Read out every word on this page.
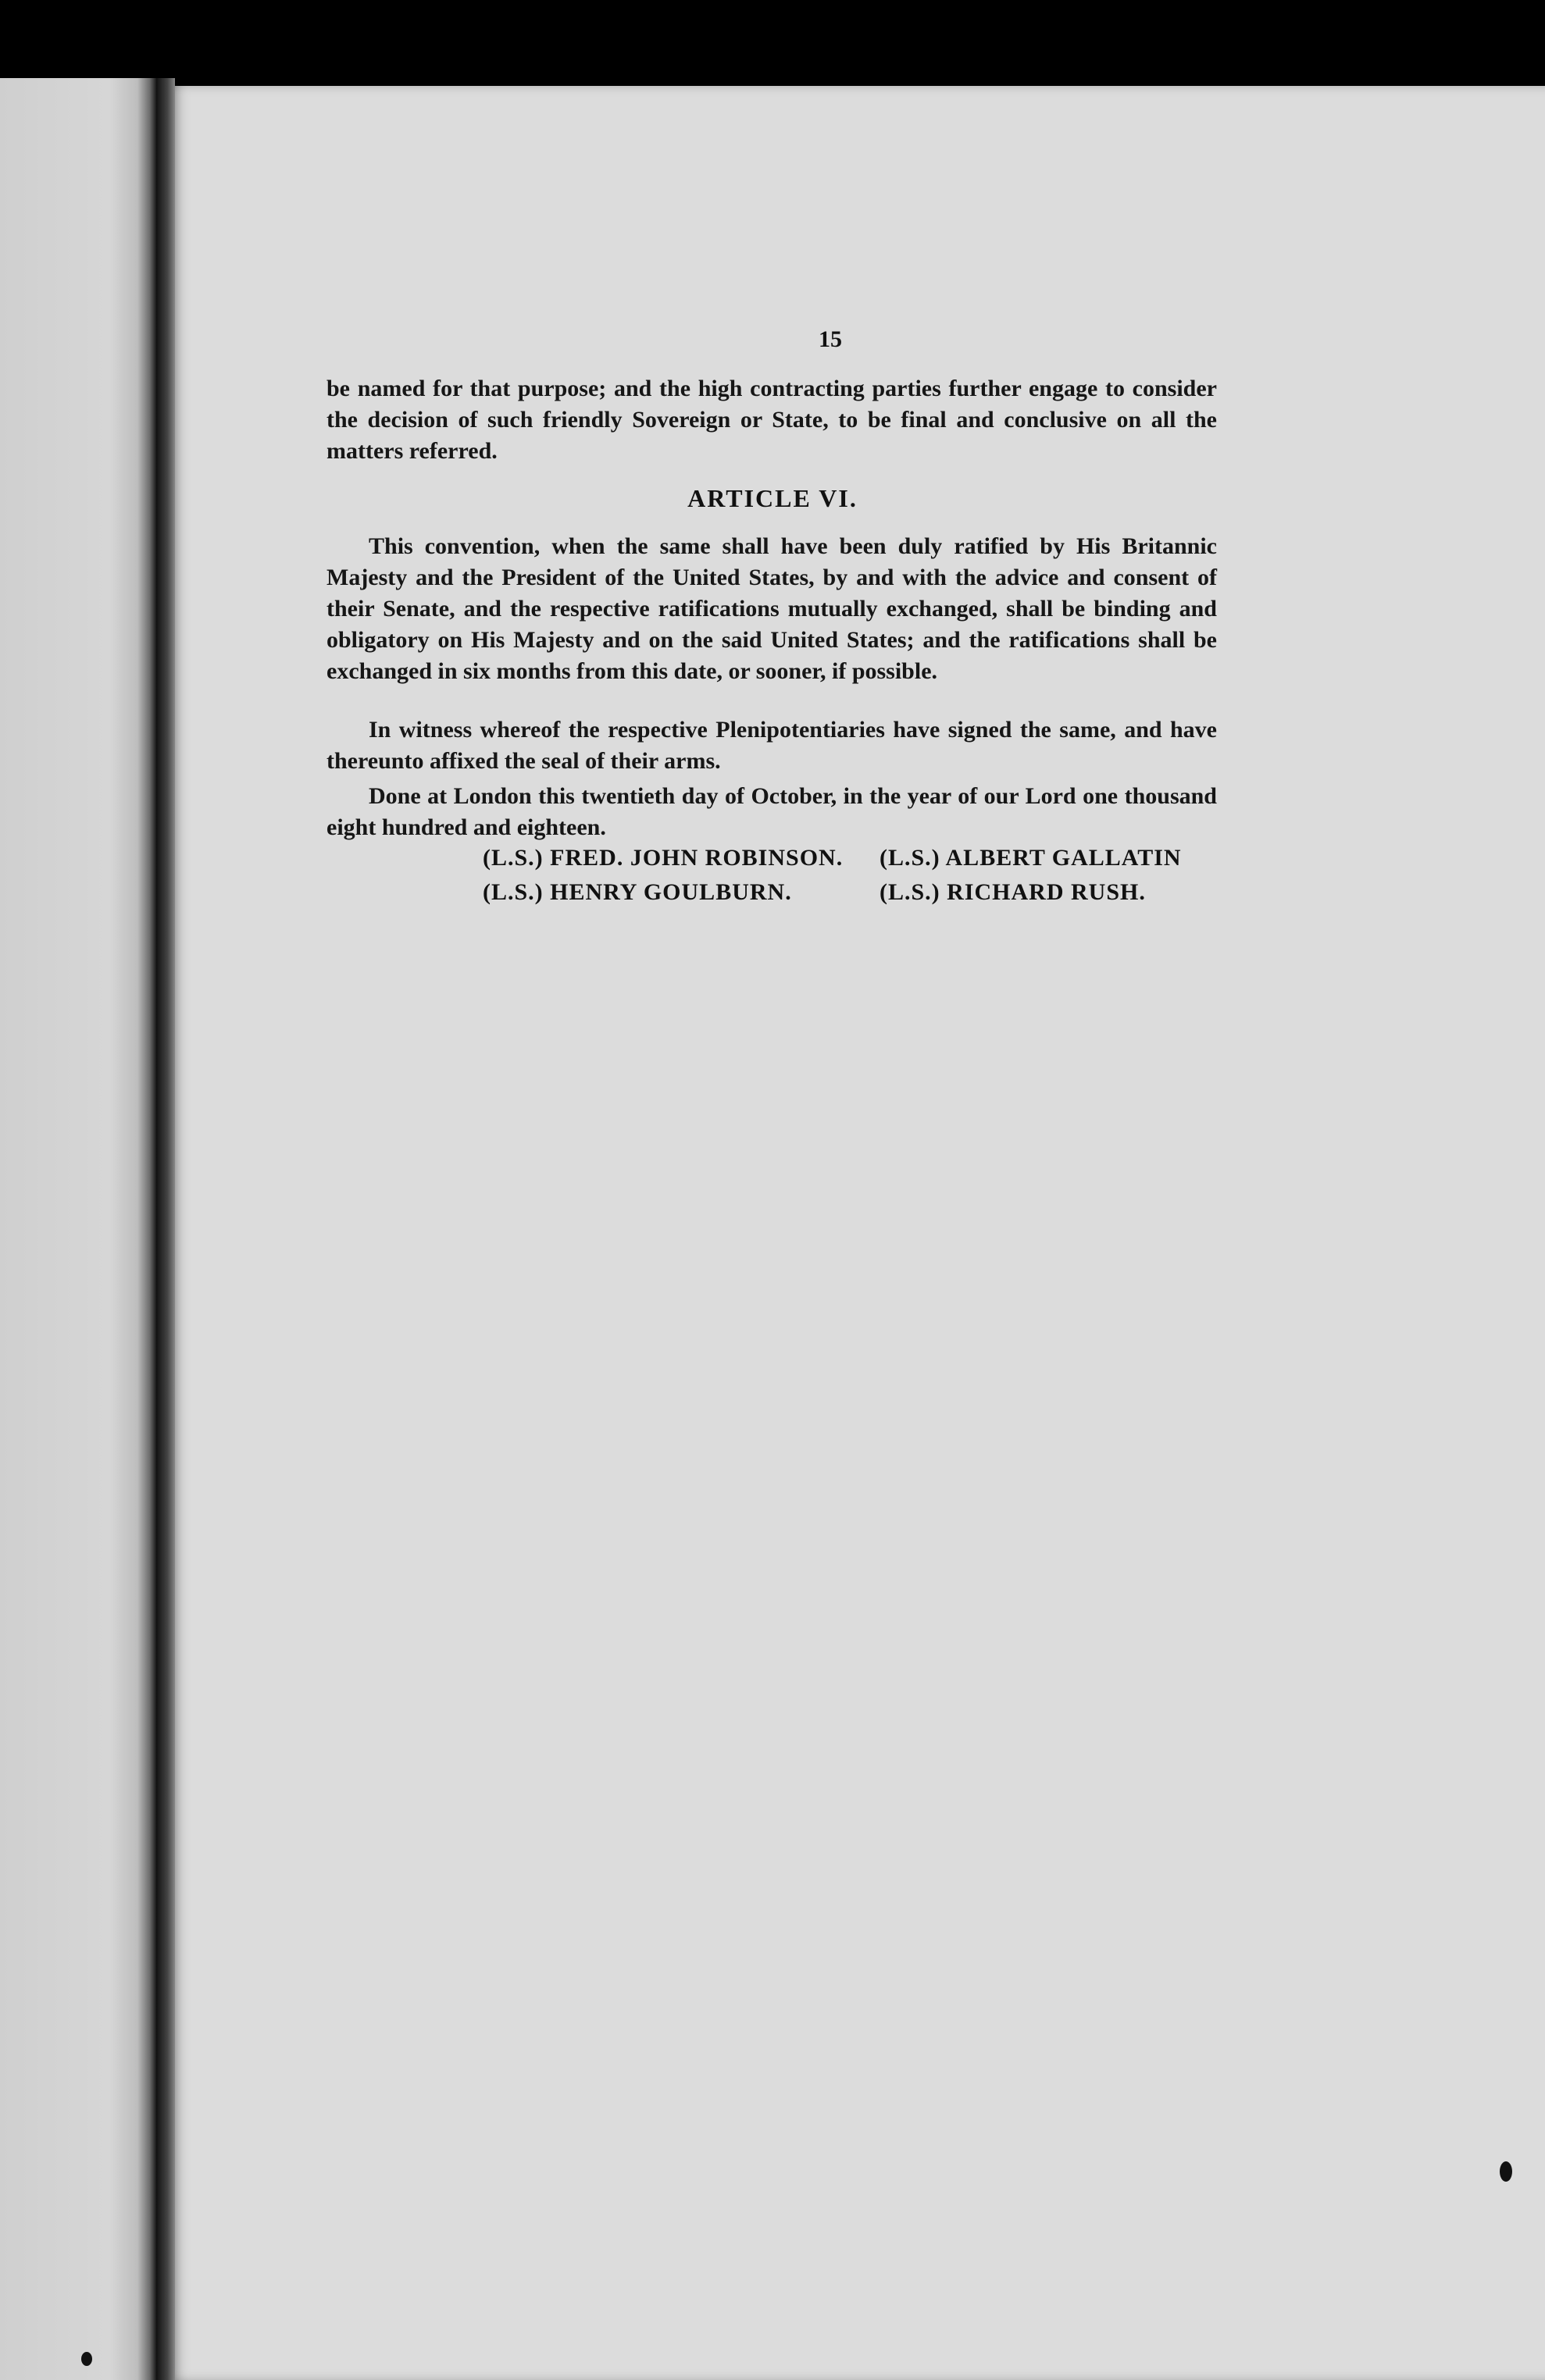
15

be named for that purpose; and the high contracting parties further engage to consider the decision of such friendly Sovereign or State, to be final and conclusive on all the matters referred.

ARTICLE VI.

This convention, when the same shall have been duly ratified by His Britannic Majesty and the President of the United States, by and with the advice and consent of their Senate, and the respective ratifications mutually exchanged, shall be binding and obligatory on His Majesty and on the said United States; and the ratifications shall be exchanged in six months from this date, or sooner, if possible.

In witness whereof the respective Plenipotentiaries have signed the same, and have thereunto affixed the seal of their arms.

Done at London this twentieth day of October, in the year of our Lord one thousand eight hundred and eighteen.

(L.S.) FRED. JOHN ROBINSON. (L.S.) ALBERT GALLATIN
(L.S.) HENRY GOULBURN.	(L.S.) RICHARD RUSH.
